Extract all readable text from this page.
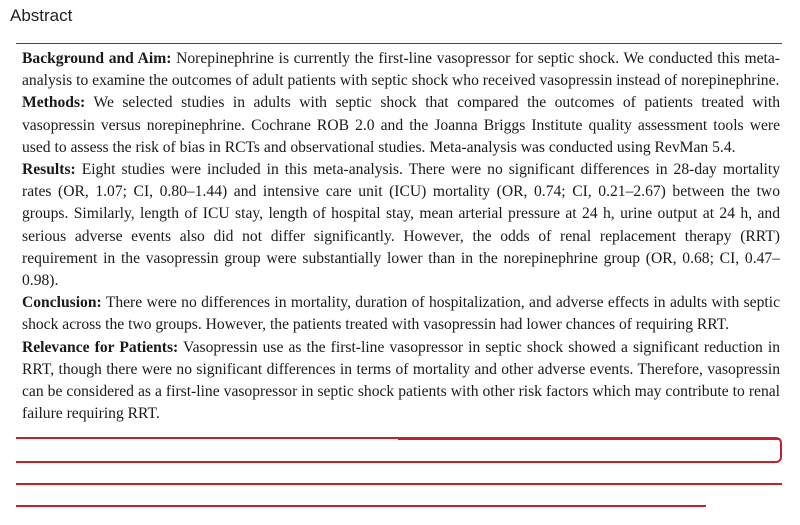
Abstract

Background and Aim: Norepinephrine is currently the first-line vasopressor for septic shock. We conducted this meta-analysis to examine the outcomes of adult patients with septic shock who received vasopressin instead of norepinephrine.

Methods: We selected studies in adults with septic shock that compared the outcomes of patients treated with vasopressin versus norepinephrine. Cochrane ROB 2.0 and the Joanna Briggs Institute quality assessment tools were used to assess the risk of bias in RCTs and observational studies. Meta-analysis was conducted using RevMan 5.4.

Results: Eight studies were included in this meta-analysis. There were no significant differences in 28-day mortality rates (OR, 1.07; CI, 0.80–1.44) and intensive care unit (ICU) mortality (OR, 0.74; CI, 0.21–2.67) between the two groups. Similarly, length of ICU stay, length of hospital stay, mean arterial pressure at 24 h, urine output at 24 h, and serious adverse events also did not differ significantly. However, the odds of renal replacement therapy (RRT) requirement in the vasopressin group were substantially lower than in the norepinephrine group (OR, 0.68; CI, 0.47–0.98).

Conclusion: There were no differences in mortality, duration of hospitalization, and adverse effects in adults with septic shock across the two groups. However, the patients treated with vasopressin had lower chances of requiring RRT.

Relevance for Patients: Vasopressin use as the first-line vasopressor in septic shock showed a significant reduction in RRT, though there were no significant differences in terms of mortality and other adverse events. Therefore, vasopressin can be considered as a first-line vasopressor in septic shock patients with other risk factors which may contribute to renal failure requiring RRT.
